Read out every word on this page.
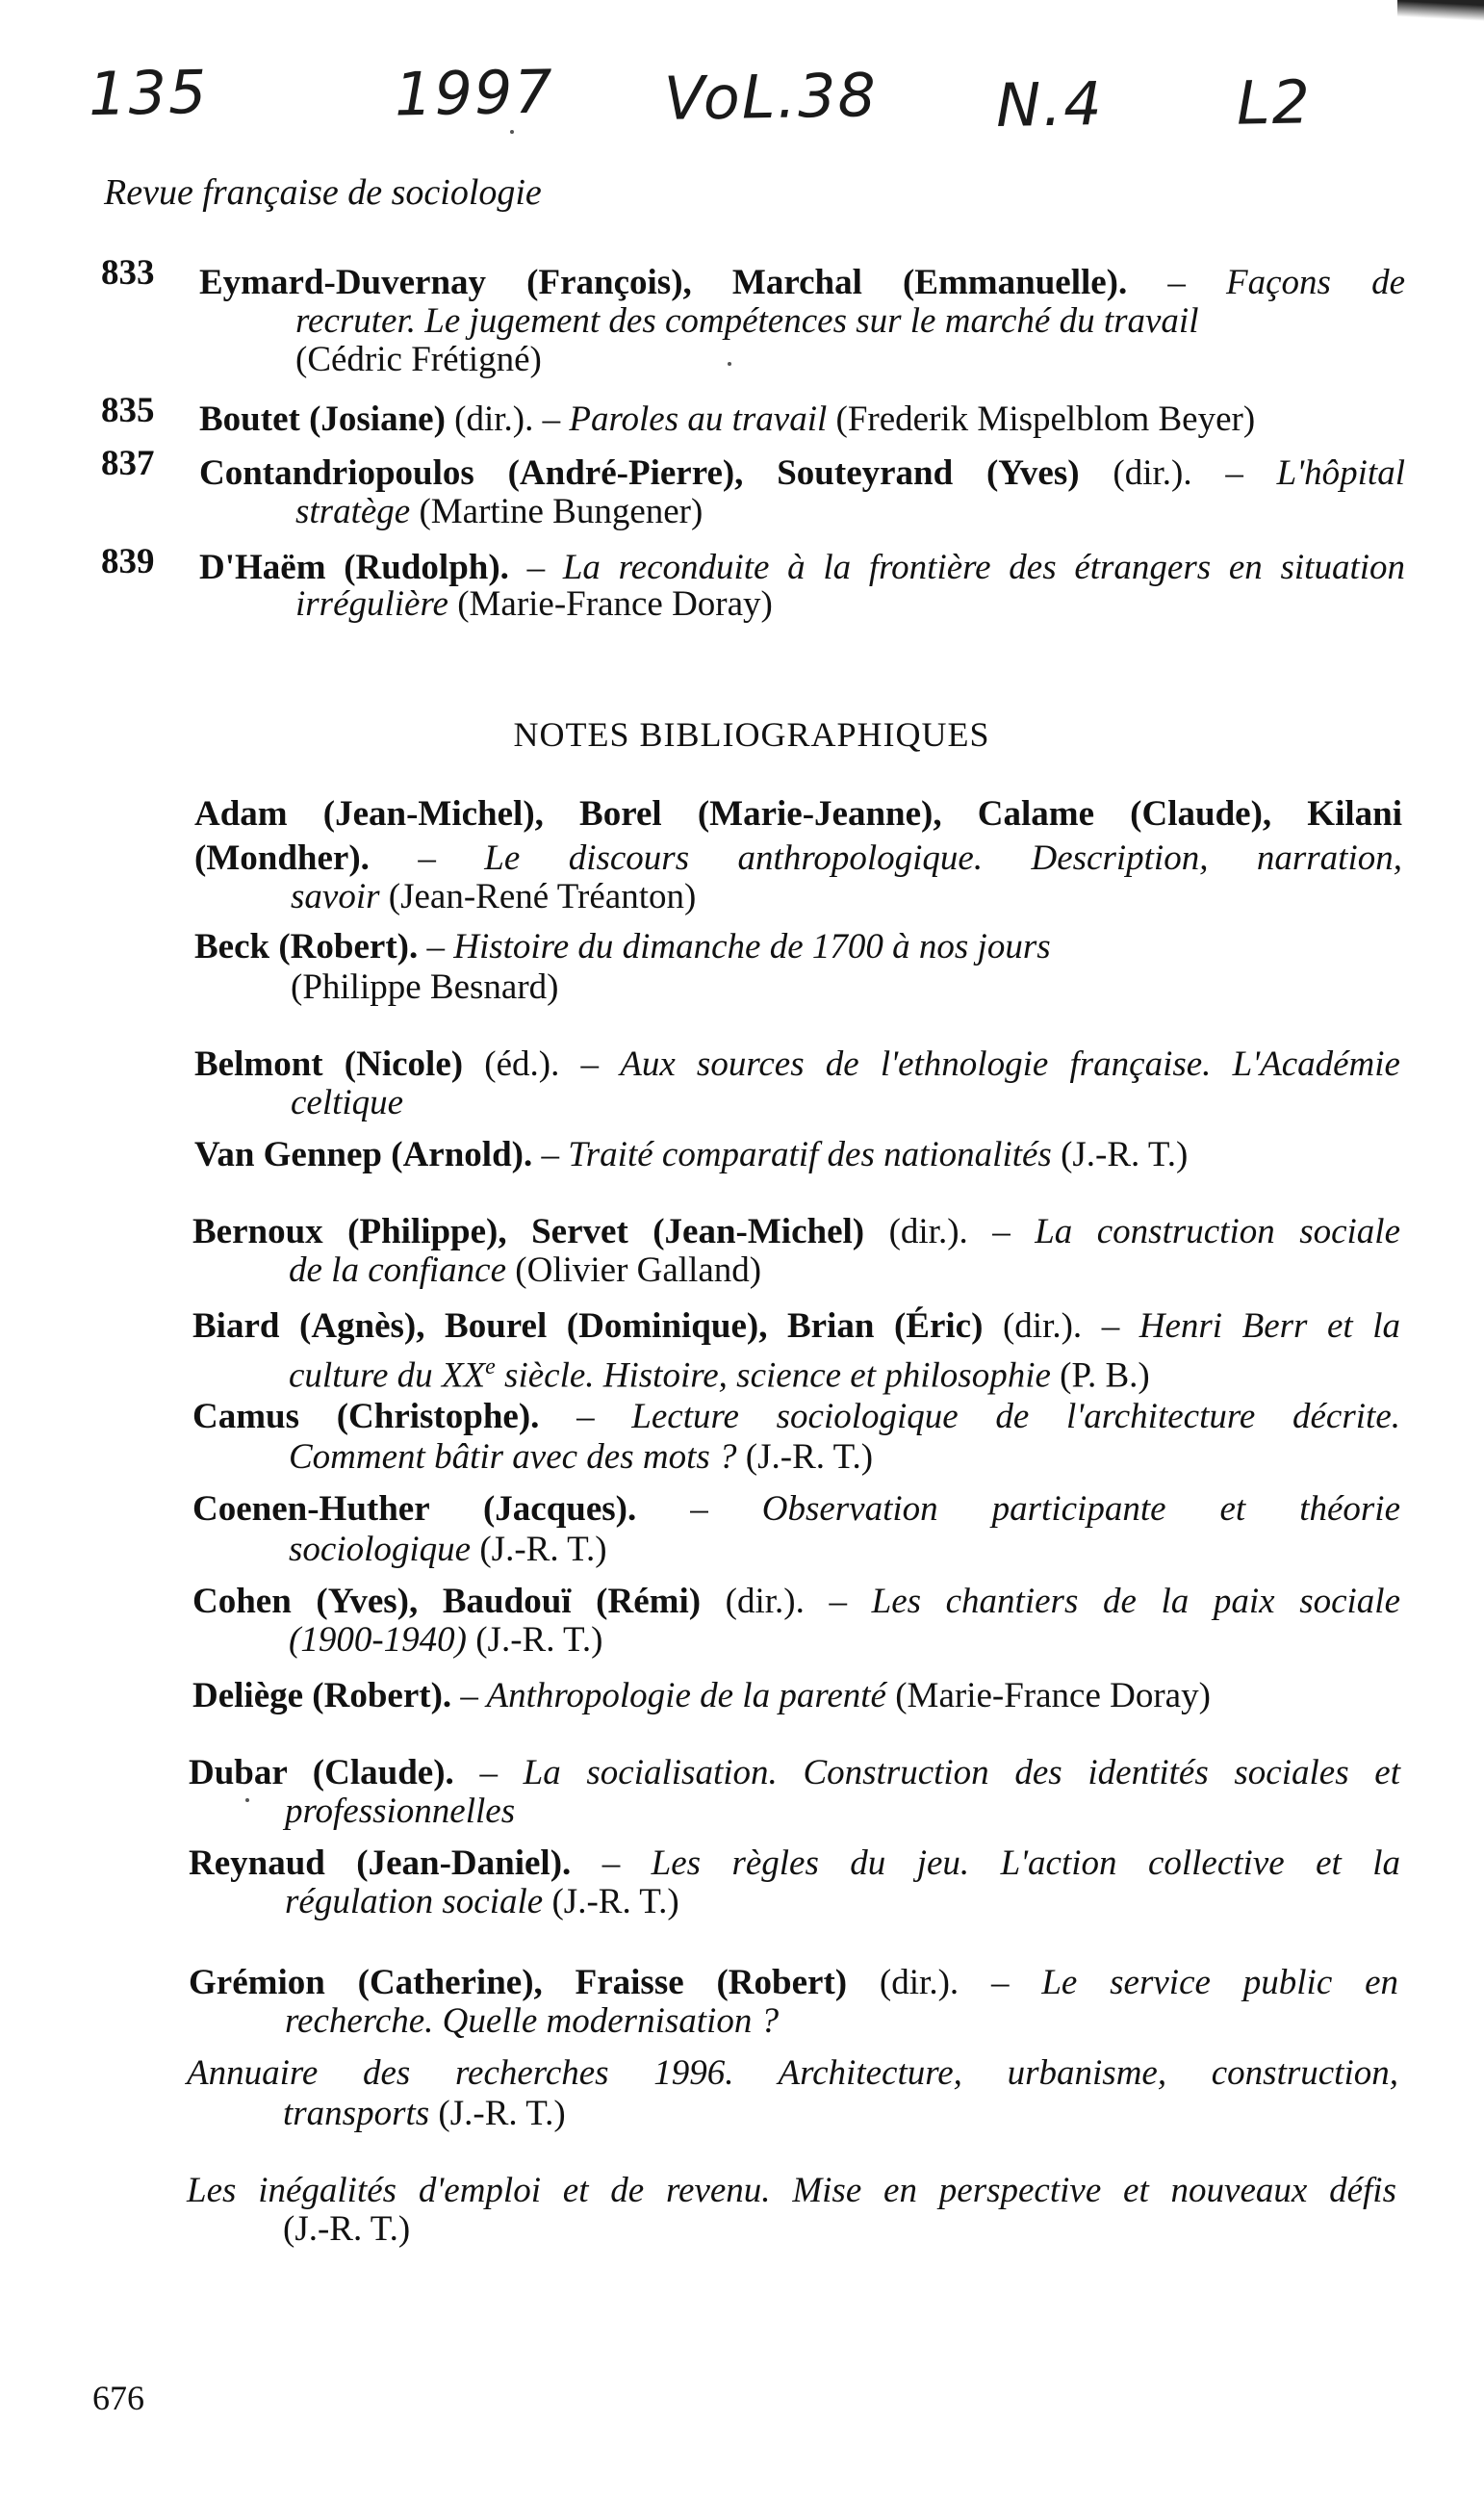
135	1997 VoL.38 N.4 L2
Revue française de sociologie
833 Eymard-Duvernay (François), Marchal (Emmanuelle). – Façons de
recruter. Le jugement des compétences sur le marché du travail
(Cédric Frétigné)
835 Boutet (Josiane) (dir.). – Paroles au travail (Frederik Mispelblom Beyer)
837 Contandriopoulos (André-Pierre), Souteyrand (Yves) (dir.). – L'hôpital
stratège (Martine Bungener)
839 D'Haëm (Rudolph). – La reconduite à la frontière des étrangers en situation
irrégulière (Marie-France Doray)
NOTES BIBLIOGRAPHIQUES
Adam (Jean-Michel), Borel (Marie-Jeanne), Calame (Claude), Kilani
(Mondher). – Le discours anthropologique. Description, narration,
savoir (Jean-René Tréanton)
Beck (Robert). – Histoire du dimanche de 1700 à nos jours
(Philippe Besnard)
Belmont (Nicole) (éd.). – Aux sources de l'ethnologie française. L'Académie
celtique
Van Gennep (Arnold). – Traité comparatif des nationalités (J.-R. T.)
Bernoux (Philippe), Servet (Jean-Michel) (dir.). – La construction sociale
de la confiance (Olivier Galland)
Biard (Agnès), Bourel (Dominique), Brian (Éric) (dir.). – Henri Berr et la
culture du XXe siècle. Histoire, science et philosophie (P. B.)
Camus (Christophe). – Lecture sociologique de l'architecture décrite.
Comment bâtir avec des mots ? (J.-R. T.)
Coenen-Huther (Jacques). – Observation participante et théorie
sociologique (J.-R. T.)
Cohen (Yves), Baudouï (Rémi) (dir.). – Les chantiers de la paix sociale
(1900-1940) (J.-R. T.)
Deliège (Robert). – Anthropologie de la parenté (Marie-France Doray)
Dubar (Claude). – La socialisation. Construction des identités sociales et
professionnelles
Reynaud (Jean-Daniel). – Les règles du jeu. L'action collective et la
régulation sociale (J.-R. T.)
Grémion (Catherine), Fraisse (Robert) (dir.). – Le service public en
recherche. Quelle modernisation ?
Annuaire des recherches 1996. Architecture, urbanisme, construction,
transports (J.-R. T.)
Les inégalités d'emploi et de revenu. Mise en perspective et nouveaux défis
(J.-R. T.)
676
